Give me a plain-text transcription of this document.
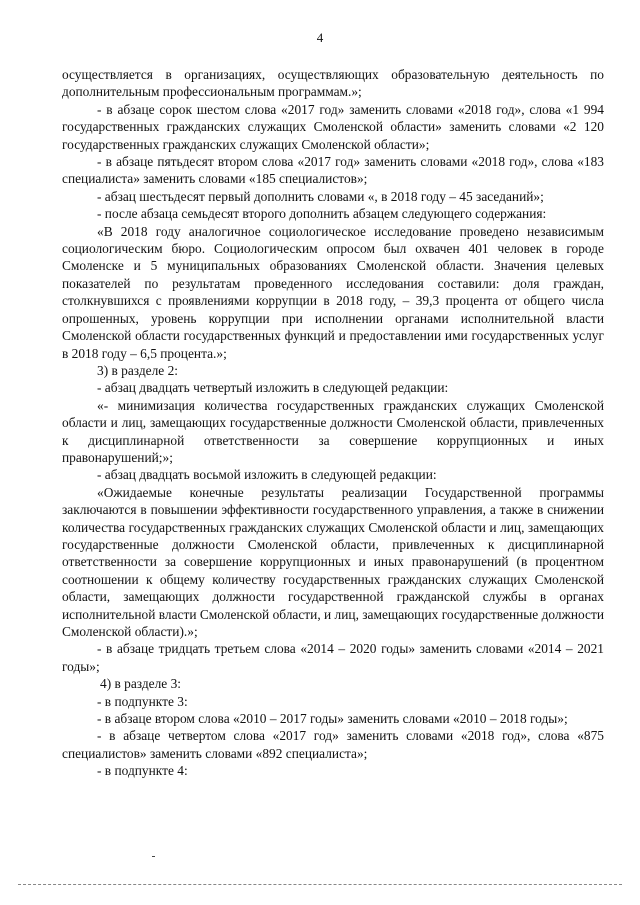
4

осуществляется в организациях, осуществляющих образовательную деятельность по дополнительным профессиональным программам.»;

- в абзаце сорок шестом слова «2017 год» заменить словами «2018 год», слова «1 994 государственных гражданских служащих Смоленской области» заменить словами «2 120 государственных гражданских служащих Смоленской области»;

- в абзаце пятьдесят втором слова «2017 год» заменить словами «2018 год», слова «183 специалиста» заменить словами «185 специалистов»;

- абзац шестьдесят первый дополнить словами «, в 2018 году – 45 заседаний»;

- после абзаца семьдесят второго дополнить абзацем следующего содержания:

«В 2018 году аналогичное социологическое исследование проведено независимым социологическим бюро. Социологическим опросом был охвачен 401 человек в городе Смоленске и 5 муниципальных образованиях Смоленской области. Значения целевых показателей по результатам проведенного исследования составили: доля граждан, столкнувшихся с проявлениями коррупции в 2018 году, – 39,3 процента от общего числа опрошенных, уровень коррупции при исполнении органами исполнительной власти Смоленской области государственных функций и предоставлении ими государственных услуг в 2018 году – 6,5 процента.»;

3) в разделе 2:

- абзац двадцать четвертый изложить в следующей редакции:

«- минимизация количества государственных гражданских служащих Смоленской области и лиц, замещающих государственные должности Смоленской области, привлеченных к дисциплинарной ответственности за совершение коррупционных и иных правонарушений;»;

- абзац двадцать восьмой изложить в следующей редакции:

«Ожидаемые конечные результаты реализации Государственной программы заключаются в повышении эффективности государственного управления, а также в снижении количества государственных гражданских служащих Смоленской области и лиц, замещающих государственные должности Смоленской области, привлеченных к дисциплинарной ответственности за совершение коррупционных и иных правонарушений (в процентном соотношении к общему количеству государственных гражданских служащих Смоленской области, замещающих должности государственной гражданской службы в органах исполнительной власти Смоленской области, и лиц, замещающих государственные должности Смоленской области).»;

- в абзаце тридцать третьем слова «2014 – 2020 годы» заменить словами «2014 – 2021 годы»;

4) в разделе 3:

- в подпункте 3:

- в абзаце втором слова «2010 – 2017 годы» заменить словами «2010 – 2018 годы»;

- в абзаце четвертом слова «2017 год» заменить словами «2018 год», слова «875 специалистов» заменить словами «892 специалиста»;

- в подпункте 4:
